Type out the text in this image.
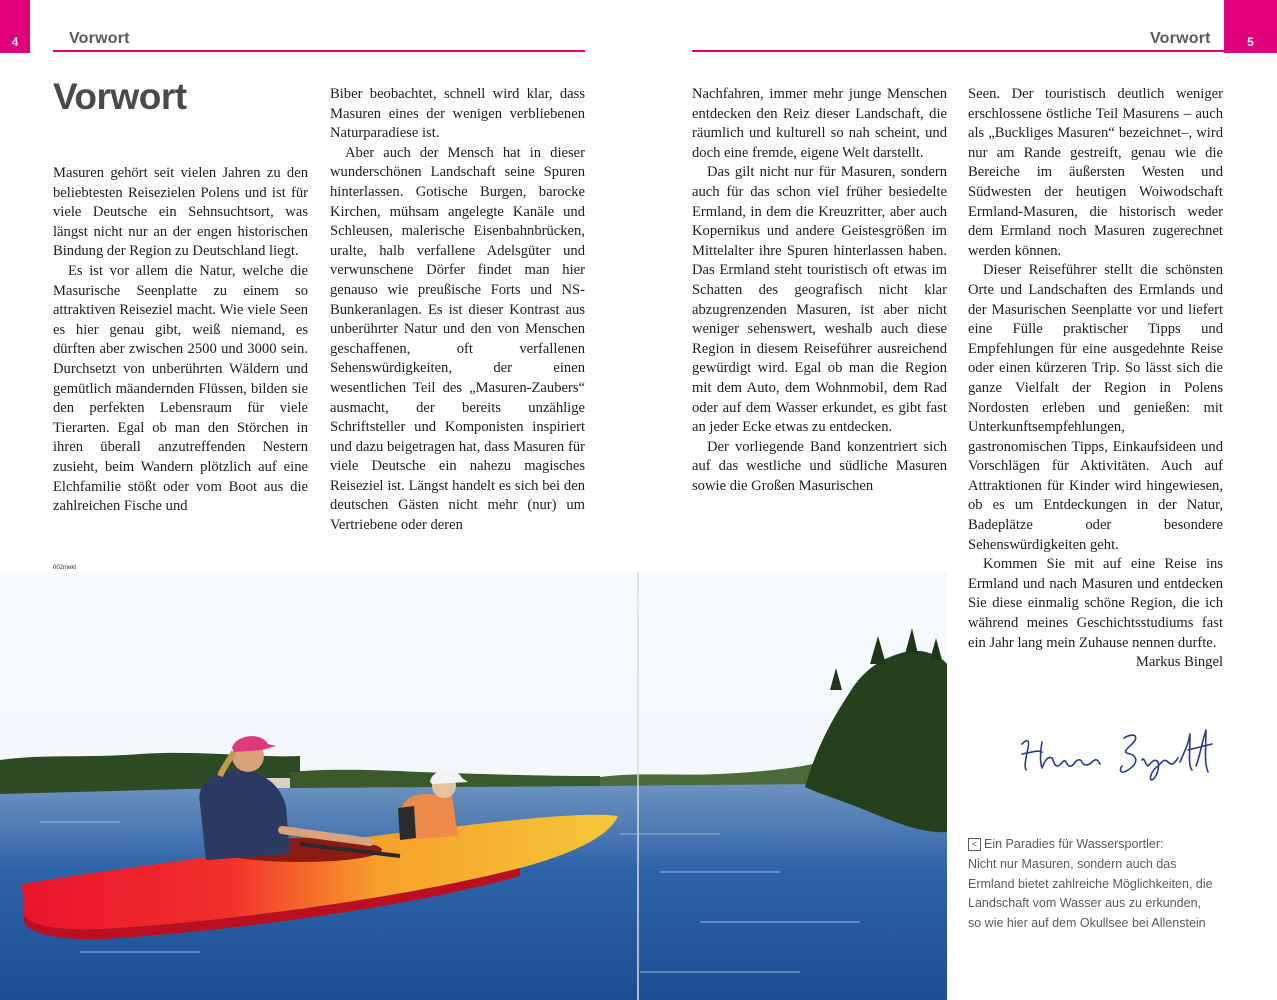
4	Vorwort	5
Vorwort
Vorwort

Masuren gehört seit vielen Jahren zu den beliebtesten Reisezielen Polens und ist für viele Deutsche ein Sehnsuchtsort, was längst nicht nur an der engen historischen Bindung der Region zu Deutschland liegt.

Es ist vor allem die Natur, welche die Masurische Seenplatte zu einem so attraktiven Reiseziel macht. Wie viele Seen es hier genau gibt, weiß niemand, es dürften aber zwischen 2500 und 3000 sein. Durchsetzt von unberührten Wäldern und gemütlich mäandernden Flüssen, bilden sie den perfekten Lebensraum für viele Tierarten. Egal ob man den Störchen in ihren überall anzutreffenden Nestern zusieht, beim Wandern plötzlich auf eine Elchfamilie stößt oder vom Boot aus die zahlreichen Fische und

Biber beobachtet, schnell wird klar, dass Masuren eines der wenigen verbliebenen Naturparadiese ist.

Aber auch der Mensch hat in dieser wunderschönen Landschaft seine Spuren hinterlassen. Gotische Burgen, barocke Kirchen, mühsam angelegte Kanäle und Schleusen, malerische Eisenbahnbrücken, uralte, halb verfallene Adelsgüter und verwunschene Dörfer findet man hier genauso wie preußische Forts und NS-Bunkeranlagen. Es ist dieser Kontrast aus unberührter Natur und den von Menschen geschaffenen, oft verfallenen Sehenswürdigkeiten, der einen wesentlichen Teil des „Masuren-Zaubers“ ausmacht, der bereits unzählige Schriftsteller und Komponisten inspiriert und dazu beigetragen hat, dass Masuren für viele Deutsche ein nahezu magisches Reiseziel ist. Längst handelt es sich bei den deutschen Gästen nicht mehr (nur) um Vertriebene oder deren

Nachfahren, immer mehr junge Menschen entdecken den Reiz dieser Landschaft, die räumlich und kulturell so nah scheint, und doch eine fremde, eigene Welt darstellt.

Das gilt nicht nur für Masuren, sondern auch für das schon viel früher besiedelte Ermland, in dem die Kreuzritter, aber auch Kopernikus und andere Geistesgrößen im Mittelalter ihre Spuren hinterlassen haben. Das Ermland steht touristisch oft etwas im Schatten des geografisch nicht klar abzugrenzenden Masuren, ist aber nicht weniger sehenswert, weshalb auch diese Region in diesem Reiseführer ausreichend gewürdigt wird. Egal ob man die Region mit dem Auto, dem Wohnmobil, dem Rad oder auf dem Wasser erkundet, es gibt fast an jeder Ecke etwas zu entdecken.

Der vorliegende Band konzentriert sich auf das westliche und südliche Masuren sowie die Großen Masurischen

Seen. Der touristisch deutlich weniger erschlossene östliche Teil Masurens – auch als „Buckliges Masuren“ bezeichnet–, wird nur am Rande gestreift, genau wie die Bereiche im äußersten Westen und Südwesten der heutigen Woiwodschaft Ermland-Masuren, die historisch weder dem Ermland noch Masuren zugerechnet werden können.

Dieser Reiseführer stellt die schönsten Orte und Landschaften des Ermlands und der Masurischen Seenplatte vor und liefert eine Fülle praktischer Tipps und Empfehlungen für eine ausgedehnte Reise oder einen kürzeren Trip. So lässt sich die ganze Vielfalt der Region in Polens Nordosten erleben und genießen: mit Unterkunftsempfehlungen, gastronomischen Tipps, Einkaufsideen und Vorschlägen für Aktivitäten. Auch auf Attraktionen für Kinder wird hingewiesen, ob es um Entdeckungen in der Natur, Badeplätze oder besondere Sehenswürdigkeiten geht.

Kommen Sie mit auf eine Reise ins Ermland und nach Masuren und entdecken Sie diese einmalig schöne Region, die ich während meines Geschichtsstudiums fast ein Jahr lang mein Zuhause nennen durfte.

Markus Bingel

002mekt
< Ein Paradies für Wassersportler:
Nicht nur Masuren, sondern auch das Ermland bietet zahlreiche Möglichkeiten, die Landschaft vom Wasser aus zu erkunden, so wie hier auf dem Okullsee bei Allenstein
